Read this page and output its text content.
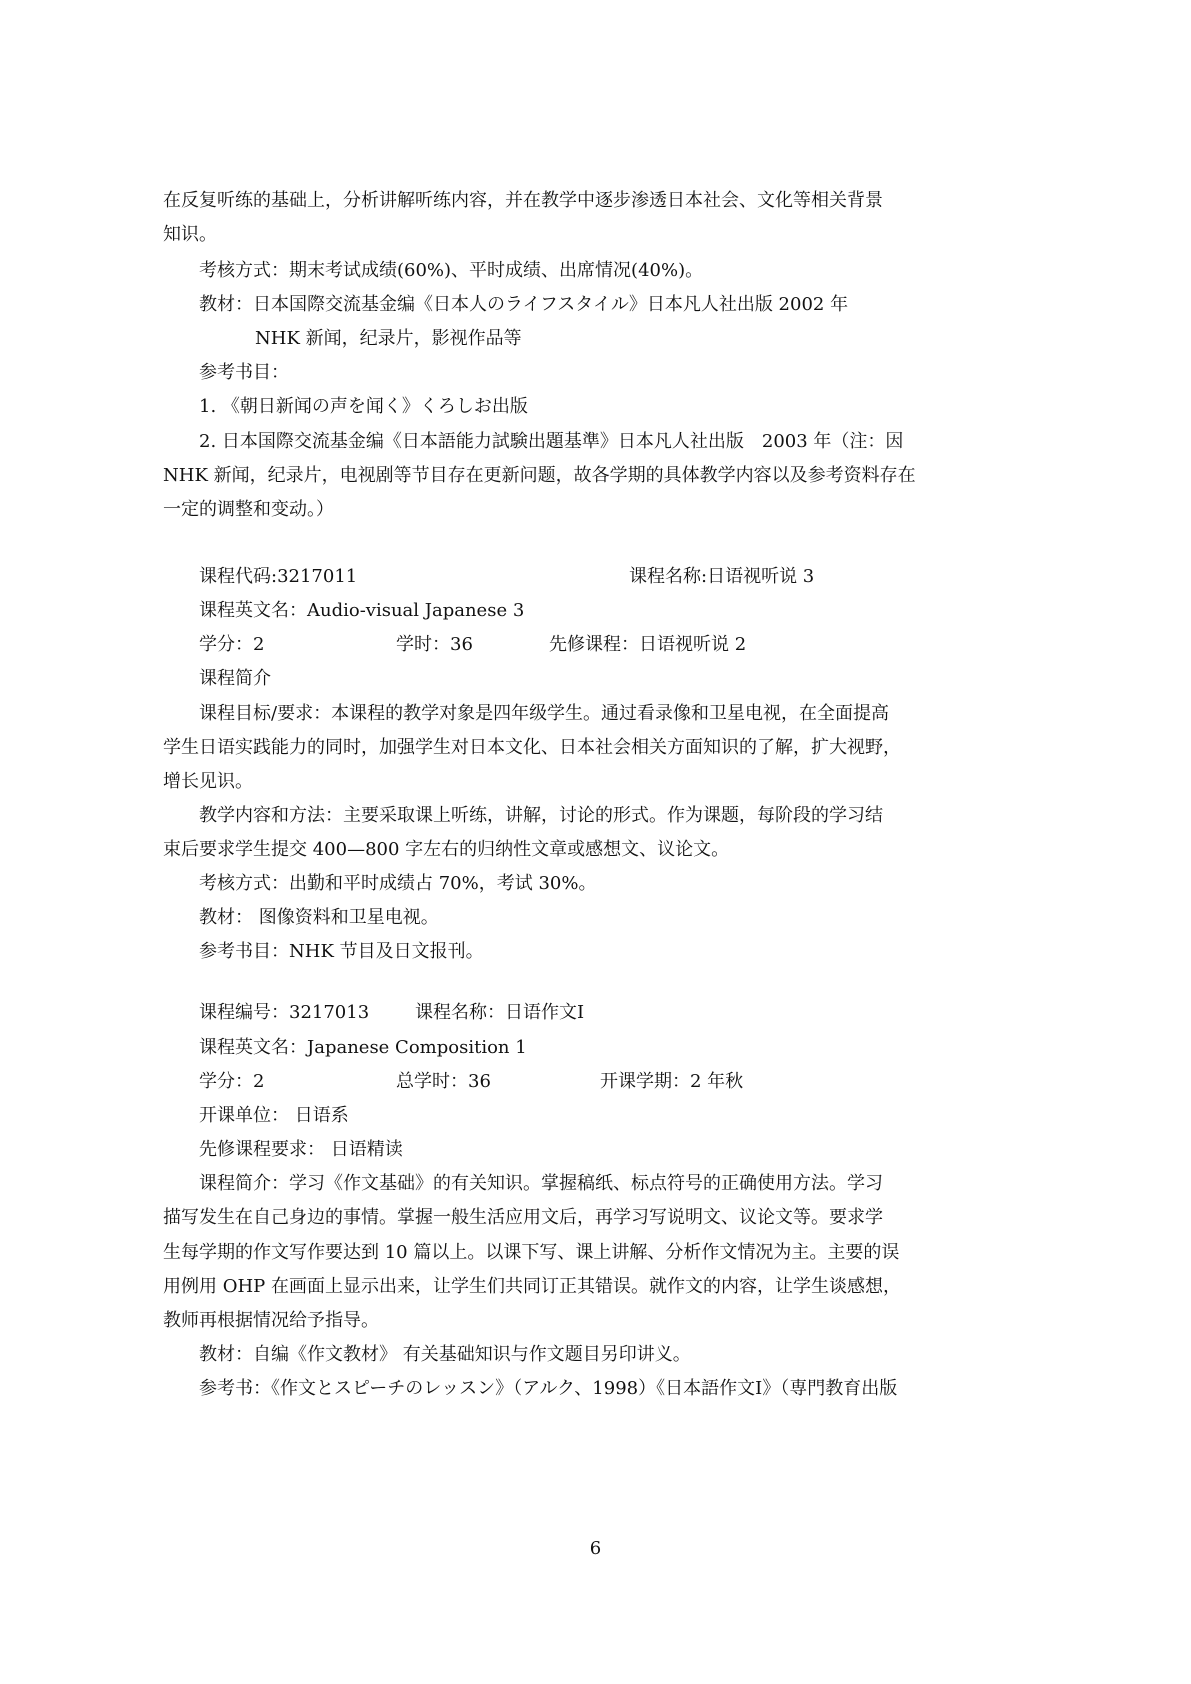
在反复听练的基础上，分析讲解听练内容，并在教学中逐步渗透日本社会、文化等相关背景
知识。
考核方式：期末考试成绩(60%)、平时成绩、出席情况(40%)。
教材：日本国際交流基金编《日本人のライフスタイル》日本凡人社出版 2002 年
NHK 新闻，纪录片，影视作品等
参考书目：
1. 《朝日新闻の声を闻く》くろしお出版
2. 日本国際交流基金编《日本語能力試験出題基準》日本凡人社出版　2003 年（注：因
NHK 新闻，纪录片，电视剧等节目存在更新问题，故各学期的具体教学内容以及参考资料存在
一定的调整和变动。）
课程代码:3217011	课程名称:日语视听说 3
课程英文名：Audio-visual Japanese 3
学分：2	学时：36	先修课程：日语视听说 2
课程简介
课程目标/要求：本课程的教学对象是四年级学生。通过看录像和卫星电视，在全面提高
学生日语实践能力的同时，加强学生对日本文化、日本社会相关方面知识的了解，扩大视野，
增长见识。
教学内容和方法：主要采取课上听练，讲解，讨论的形式。作为课题，每阶段的学习结
束后要求学生提交 400—800 字左右的归纳性文章或感想文、议论文。
考核方式：出勤和平时成绩占 70%，考试 30%。
教材： 图像资料和卫星电视。
参考书目：NHK 节目及日文报刊。
课程编号：3217013	课程名称：日语作文Ⅰ
课程英文名：Japanese Composition 1
学分：2	总学时：36	开课学期：2 年秋
开课单位： 日语系
先修课程要求： 日语精读
课程简介：学习《作文基础》的有关知识。掌握稿纸、标点符号的正确使用方法。学习
描写发生在自己身边的事情。掌握一般生活应用文后，再学习写说明文、议论文等。要求学
生每学期的作文写作要达到 10 篇以上。以课下写、课上讲解、分析作文情况为主。主要的误
用例用 OHP 在画面上显示出来，让学生们共同订正其错误。就作文的内容，让学生谈感想，
教师再根据情况给予指导。
教材：自编《作文教材》 有关基础知识与作文题目另印讲义。
参考书：《作文とスピーチのレッスン》（アルク、1998）《日本語作文Ⅰ》（専門教育出版
6
